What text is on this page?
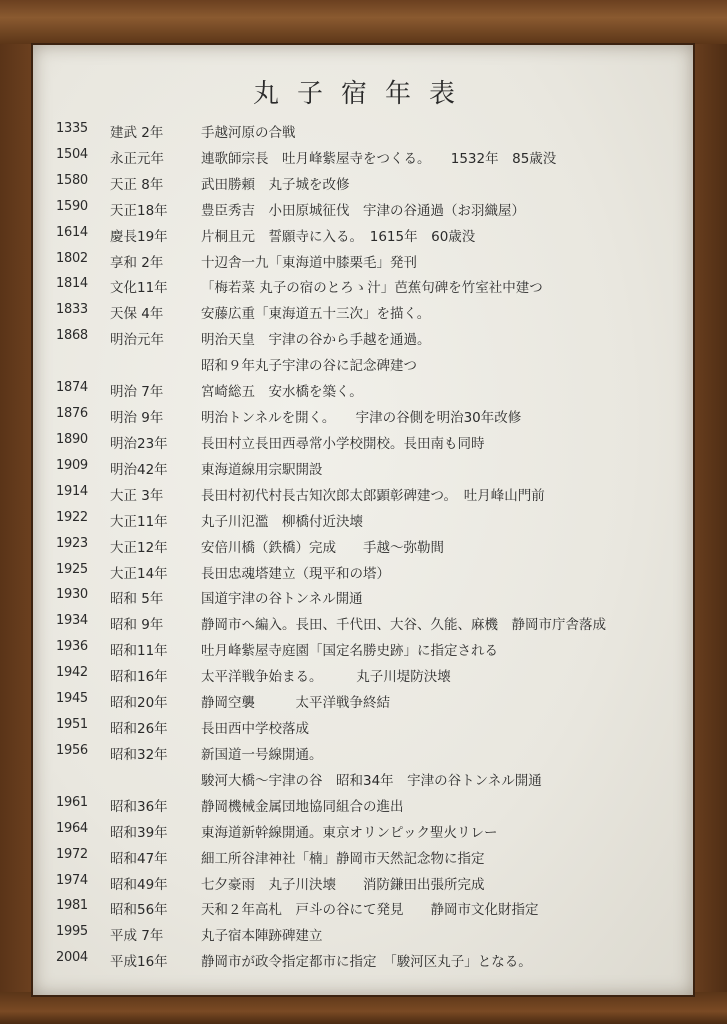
丸子宿年表
1335	建武 2年	手越河原の合戦
1504	永正元年	連歌師宗長　吐月峰紫屋寺をつくる。　　1532年　85歳没
1580	天正 8年	武田勝頼　丸子城を改修
1590	天正18年	豊臣秀吉　小田原城征伐　宇津の谷通過（お羽織屋）
1614	慶長19年	片桐且元　誓願寺に入る。　1615年　60歳没
1802	享和 2年	十辺舎一九「東海道中膝栗毛」発刊
1814	文化11年	「梅若菜 丸子の宿のとろゝ汁」芭蕉句碑を竹室社中建つ
1833	天保 4年	安藤広重「東海道五十三次」を描く。
1868	明治元年	明治天皇　宇津の谷から手越を通過。
昭和９年丸子宇津の谷に記念碑建つ
1874	明治 7年	宮崎総五　安水橋を築く。
1876	明治 9年	明治トンネルを開く。　　宇津の谷側を明治30年改修
1890	明治23年	長田村立長田西尋常小学校開校。長田南も同時
1909	明治42年	東海道線用宗駅開設
1914	大正 3年	長田村初代村長古知次郎太郎顕彰碑建つ。　吐月峰山門前
1922	大正11年	丸子川氾濫　柳橋付近決壊
1923	大正12年	安倍川橋（鉄橋）完成　　手越～弥勒間
1925	大正14年	長田忠魂塔建立（現平和の塔）
1930	昭和 5年	国道宇津の谷トンネル開通
1934	昭和 9年	静岡市へ編入。長田、千代田、大谷、久能、麻機　静岡市庁舎落成
1936	昭和11年	吐月峰紫屋寺庭園「国定名勝史跡」に指定される
1942	昭和16年	太平洋戦争始まる。　　　丸子川堤防決壊
1945	昭和20年	静岡空襲　　　太平洋戦争終結
1951	昭和26年	長田西中学校落成
1956	昭和32年	新国道一号線開通。
駿河大橋～宇津の谷　昭和34年　宇津の谷トンネル開通
1961	昭和36年	静岡機械金属団地協同組合の進出
1964	昭和39年	東海道新幹線開通。東京オリンピック聖火リレー
1972	昭和47年	細工所谷津神社「楠」静岡市天然記念物に指定
1974	昭和49年	七夕豪雨　丸子川決壊　　消防鎌田出張所完成
1981	昭和56年	天和２年高札　戸斗の谷にて発見　　静岡市文化財指定
1995	平成 7年	丸子宿本陣跡碑建立
2004	平成16年	静岡市が政令指定都市に指定　「駿河区丸子」となる。
